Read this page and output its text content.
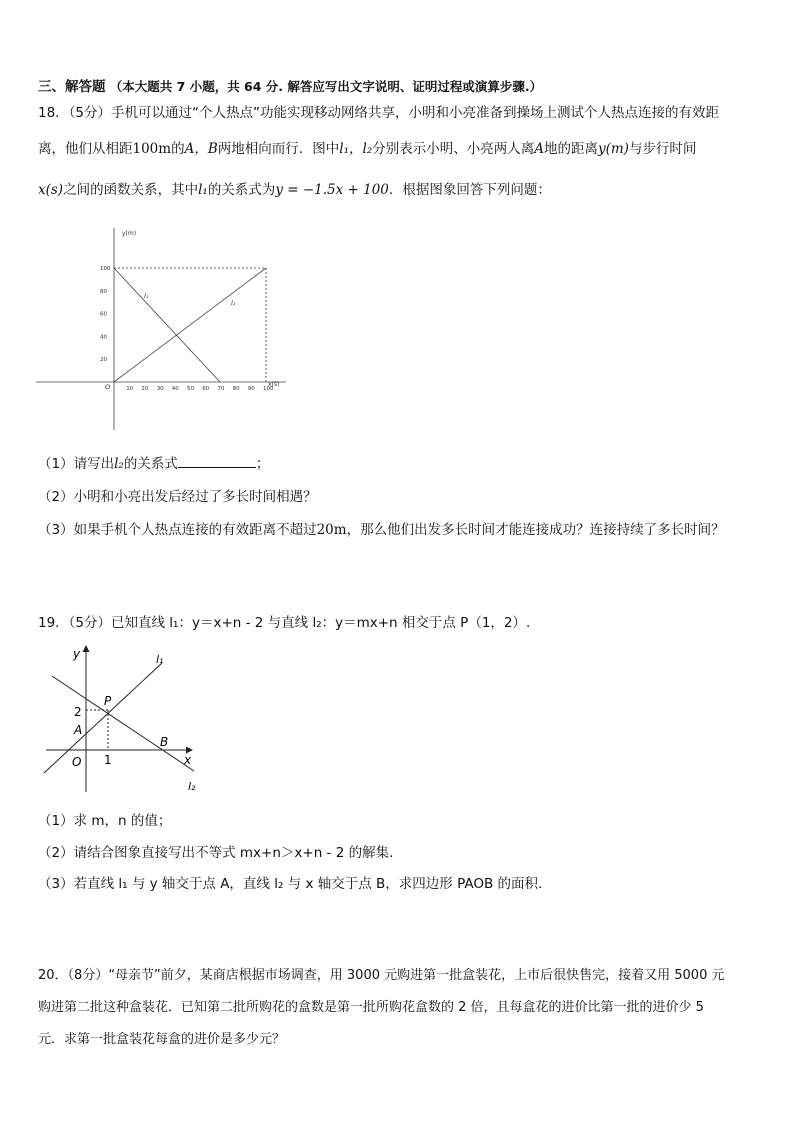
三、解答题 （本大题共 7 小题，共 64 分. 解答应写出文字说明、证明过程或演算步骤.）
18．（5分）手机可以通过“个人热点”功能实现移动网络共享，小明和小亮准备到操场上测试个人热点连接的有效距
离，他们从相距100m的A，B两地相向而行．图中l₁，l₂分别表示小明、小亮两人离A地的距离y(m)与步行时间
x(s)之间的函数关系，其中l₁的关系式为y = −1.5x + 100．根据图象回答下列问题：
y(m)
x(s)
O
l₁
l₂
100
80
60
40
20
10 20 30 40 50 60 70 80 90 100
（1）请写出l₂的关系式	；
（2）小明和小亮出发后经过了多长时间相遇？
（3）如果手机个人热点连接的有效距离不超过20m，那么他们出发多长时间才能连接成功？连接持续了多长时间？
19．（5分）已知直线 l₁：y＝x+n - 2 与直线 l₂：y＝mx+n 相交于点 P（1，2）.
y
x
O
P
A
B
2
1
l₁
l₂
（1）求 m，n 的值；
（2）请结合图象直接写出不等式 mx+n＞x+n - 2 的解集.
（3）若直线 l₁ 与 y 轴交于点 A，直线 l₂ 与 x 轴交于点 B，求四边形 PAOB 的面积.
20．（8分）“母亲节”前夕，某商店根据市场调查，用 3000 元购进第一批盒装花，上市后很快售完，接着又用 5000 元
购进第二批这种盒装花．已知第二批所购花的盒数是第一批所购花盒数的 2 倍，且每盒花的进价比第一批的进价少 5
元．求第一批盒装花每盒的进价是多少元？
